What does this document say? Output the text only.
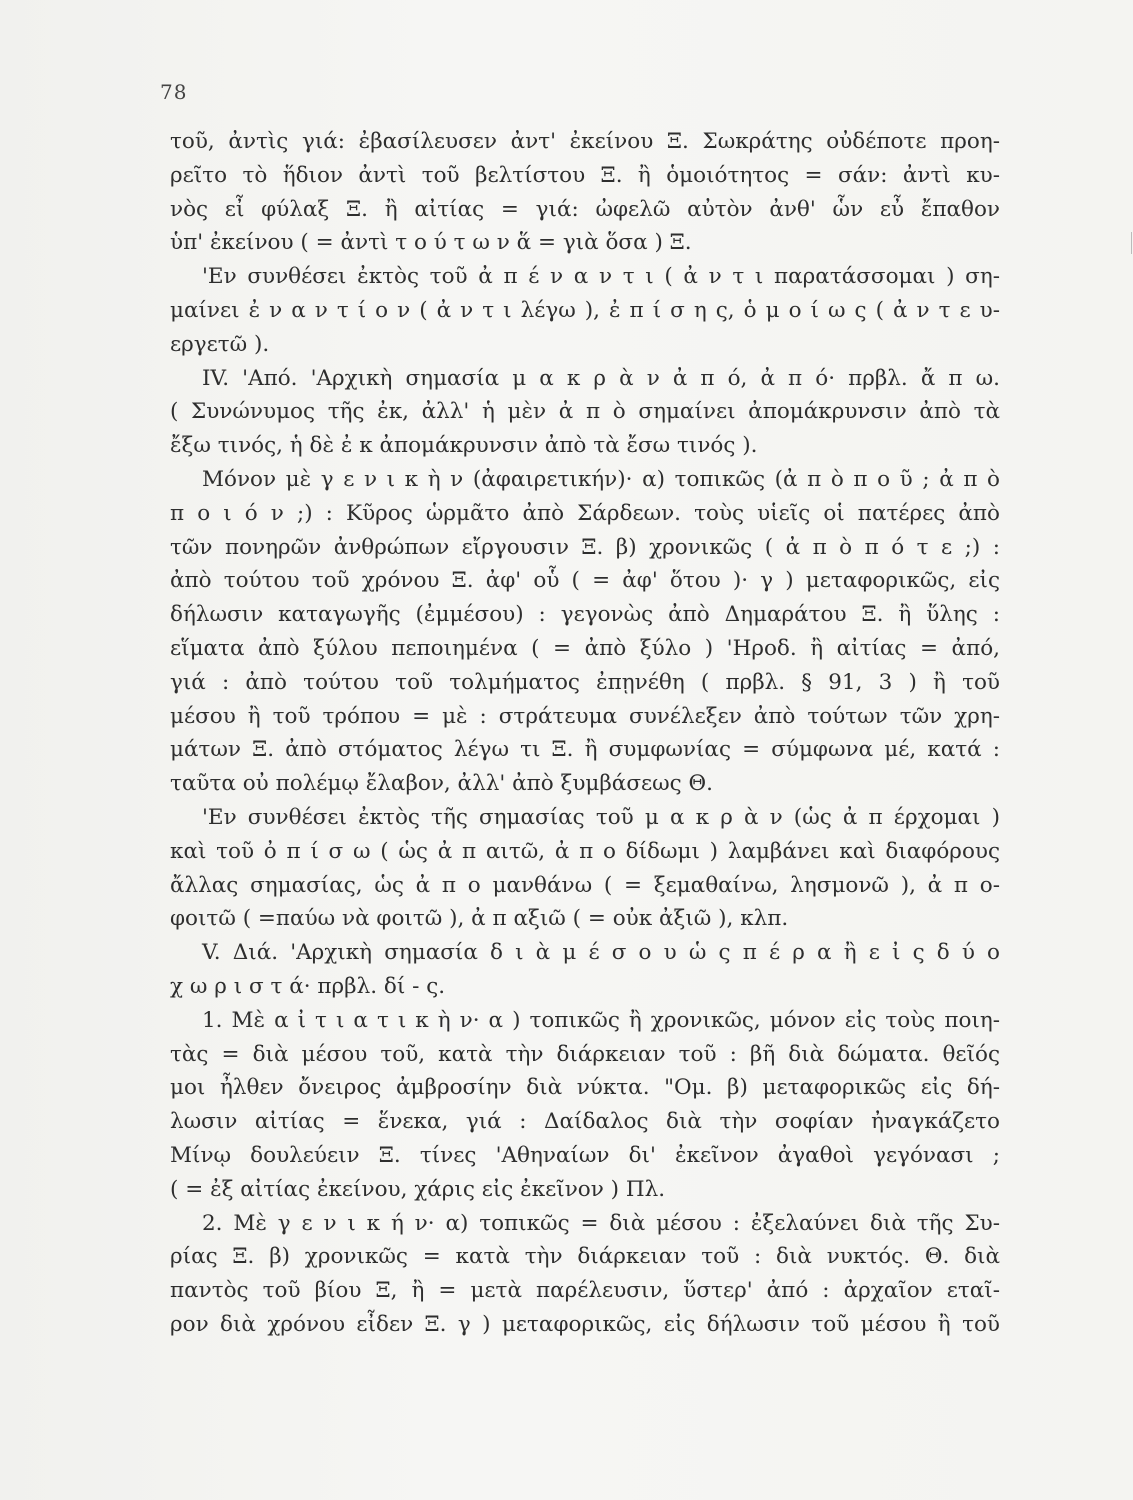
78
τοῦ, ἀντὶς γιά: ἐβασίλευσεν ἀντ' ἐκείνου Ξ. Σωκράτης οὐδέποτε προη-
ρεῖτο τὸ ἥδιον ἀντὶ τοῦ βελτίστου Ξ. ἢ ὁμοιότητος = σάν: ἀντὶ κυ-
νὸς εἶ φύλαξ Ξ. ἢ αἰτίας = γιά: ὠφελῶ αὐτὸν ἀνθ' ὧν εὖ ἔπαθον
ὑπ' ἐκείνου ( = ἀντὶ τ ο ύ τ ω ν ἅ = γιὰ ὅσα ) Ξ.
'Εν συνθέσει ἐκτὸς τοῦ ἀ π έ ν α ν τ ι ( ἀ ν τ ι παρατάσσομαι ) ση-
μαίνει ἐ ν α ν τ ί ο ν ( ἀ ν τ ι λέγω ), ἐ π ί σ η ς, ὁ μ ο ί ω ς ( ἀ ν τ ε υ-
εργετῶ ).
IV. 'Από. 'Αρχικὴ σημασία μ α κ ρ ὰ ν ἀ π ό, ἀ π ό· πρβλ. ἄ π ω.
( Συνώνυμος τῆς ἐκ, ἀλλ' ἡ μὲν ἀ π ὸ σημαίνει ἀπομάκρυνσιν ἀπὸ τὰ
ἔξω τινός, ἡ δὲ ἐ κ ἀπομάκρυνσιν ἀπὸ τὰ ἔσω τινός ).
Μόνον μὲ γ ε ν ι κ ὴ ν (ἀφαιρετικήν)· α) τοπικῶς (ἀ π ὸ π ο ῦ ; ἀ π ὸ
π ο ι ό ν ;) : Κῦρος ὡρμᾶτο ἀπὸ Σάρδεων. τοὺς υἱεῖς οἱ πατέρες ἀπὸ
τῶν πονηρῶν ἀνθρώπων εἴργουσιν Ξ. β) χρονικῶς ( ἀ π ὸ π ό τ ε ;) :
ἀπὸ τούτου τοῦ χρόνου Ξ. ἀφ' οὗ ( = ἀφ' ὅτου )· γ ) μεταφορικῶς, εἰς
δήλωσιν καταγωγῆς (ἐμμέσου) : γεγονὼς ἀπὸ Δημαράτου Ξ. ἢ ὕλης :
εἵματα ἀπὸ ξύλου πεποιημένα ( = ἀπὸ ξύλο ) 'Ηροδ. ἢ αἰτίας = ἀπό,
γιά : ἀπὸ τούτου τοῦ τολμήματος ἐπῃνέθη ( πρβλ. § 91, 3 ) ἢ τοῦ
μέσου ἢ τοῦ τρόπου = μὲ : στράτευμα συνέλεξεν ἀπὸ τούτων τῶν χρη-
μάτων Ξ. ἀπὸ στόματος λέγω τι Ξ. ἢ συμφωνίας = σύμφωνα μέ, κατά :
ταῦτα οὐ πολέμῳ ἔλαβον, ἀλλ' ἀπὸ ξυμβάσεως Θ.
'Εν συνθέσει ἐκτὸς τῆς σημασίας τοῦ μ α κ ρ ὰ ν (ὡς ἀ π έρχομαι )
καὶ τοῦ ὀ π ί σ ω ( ὡς ἀ π αιτῶ, ἀ π ο δίδωμι ) λαμβάνει καὶ διαφόρους
ἄλλας σημασίας, ὡς ἀ π ο μανθάνω ( = ξεμαθαίνω, λησμονῶ ), ἀ π ο-
φοιτῶ ( =παύω νὰ φοιτῶ ), ἀ π αξιῶ ( = οὐκ ἀξιῶ ), κλπ.
V. Διά. 'Αρχικὴ σημασία δ ι ὰ μ έ σ ο υ ὡ ς π έ ρ α ἢ ε ἰ ς δ ύ ο
χ ω ρ ι σ τ ά· πρβλ. δί - ς.
1. Μὲ α ἰ τ ι α τ ι κ ὴ ν· α ) τοπικῶς ἢ χρονικῶς, μόνον εἰς τοὺς ποιη-
τὰς = διὰ μέσου τοῦ, κατὰ τὴν διάρκειαν τοῦ : βῆ διὰ δώματα. θεῖός
μοι ἦλθεν ὄνειρος ἀμβροσίην διὰ νύκτα. "Ομ. β) μεταφορικῶς εἰς δή-
λωσιν αἰτίας = ἕνεκα, γιά : Δαίδαλος διὰ τὴν σοφίαν ἠναγκάζετο
Μίνῳ δουλεύειν Ξ. τίνες 'Αθηναίων δι' ἐκεῖνον ἀγαθοὶ γεγόνασι ;
( = ἐξ αἰτίας ἐκείνου, χάρις εἰς ἐκεῖνον ) Πλ.
2. Μὲ γ ε ν ι κ ή ν· α) τοπικῶς = διὰ μέσου : ἐξελαύνει διὰ τῆς Συ-
ρίας Ξ. β) χρονικῶς = κατὰ τὴν διάρκειαν τοῦ : διὰ νυκτός. Θ. διὰ
παντὸς τοῦ βίου Ξ, ἢ = μετὰ παρέλευσιν, ὕστερ' ἀπό : ἀρχαῖον εταῖ-
ρον διὰ χρόνου εἶδεν Ξ. γ ) μεταφορικῶς, εἰς δήλωσιν τοῦ μέσου ἢ τοῦ
